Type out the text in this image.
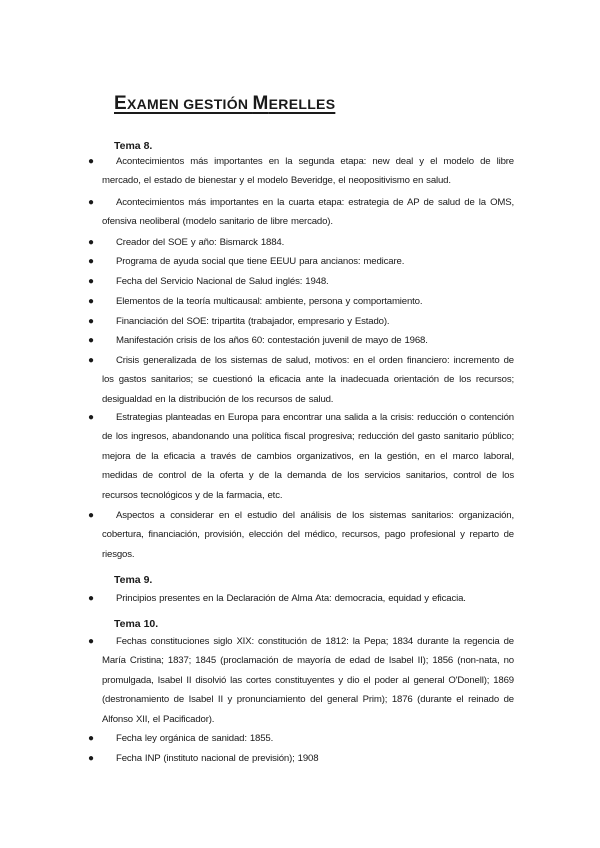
EXAMEN GESTIÓN MERELLES
Tema 8.
●	Acontecimientos más importantes en la segunda etapa: new deal y el modelo de libre mercado, el estado de bienestar y el modelo Beveridge, el neopositivismo en salud.
●	Acontecimientos más importantes en la cuarta etapa: estrategia de AP de salud de la OMS, ofensiva neoliberal (modelo sanitario de libre mercado).
●	Creador del SOE y año: Bismarck 1884.
●	Programa de ayuda social que tiene EEUU para ancianos: medicare.
●	Fecha del Servicio Nacional de Salud inglés: 1948.
●	Elementos de la teoría multicausal: ambiente, persona y comportamiento.
●	Financiación del SOE: tripartita (trabajador, empresario y Estado).
●	Manifestación crisis de los años 60: contestación juvenil de mayo de 1968.
●	Crisis generalizada de los sistemas de salud, motivos: en el orden financiero: incremento de los gastos sanitarios; se cuestionó la eficacia ante la inadecuada orientación de los recursos; desigualdad en la distribución de los recursos de salud.
●	Estrategias planteadas en Europa para encontrar una salida a la crisis: reducción o contención de los ingresos, abandonando una política fiscal progresiva; reducción del gasto sanitario público; mejora de la eficacia a través de cambios organizativos, en la gestión, en el marco laboral, medidas de control de la oferta y de la demanda de los servicios sanitarios, control de los recursos tecnológicos y de la farmacia, etc.
●	Aspectos a considerar en el estudio del análisis de los sistemas sanitarios: organización, cobertura, financiación, provisión, elección del médico, recursos, pago profesional y reparto de riesgos.
Tema 9.
●	Principios presentes en la Declaración de Alma Ata: democracia, equidad y eficacia.
Tema 10.
●	Fechas constituciones siglo XIX: constitución de 1812: la Pepa; 1834 durante la regencia de María Cristina; 1837; 1845 (proclamación de mayoría de edad de Isabel II); 1856 (non-nata, no promulgada, Isabel II disolvió las cortes constituyentes y dio el poder al general O'Donell); 1869 (destronamiento de Isabel II y pronunciamiento del general Prim); 1876 (durante el reinado de Alfonso XII, el Pacificador).
●	Fecha ley orgánica de sanidad: 1855.
●	Fecha INP (instituto nacional de previsión); 1908
